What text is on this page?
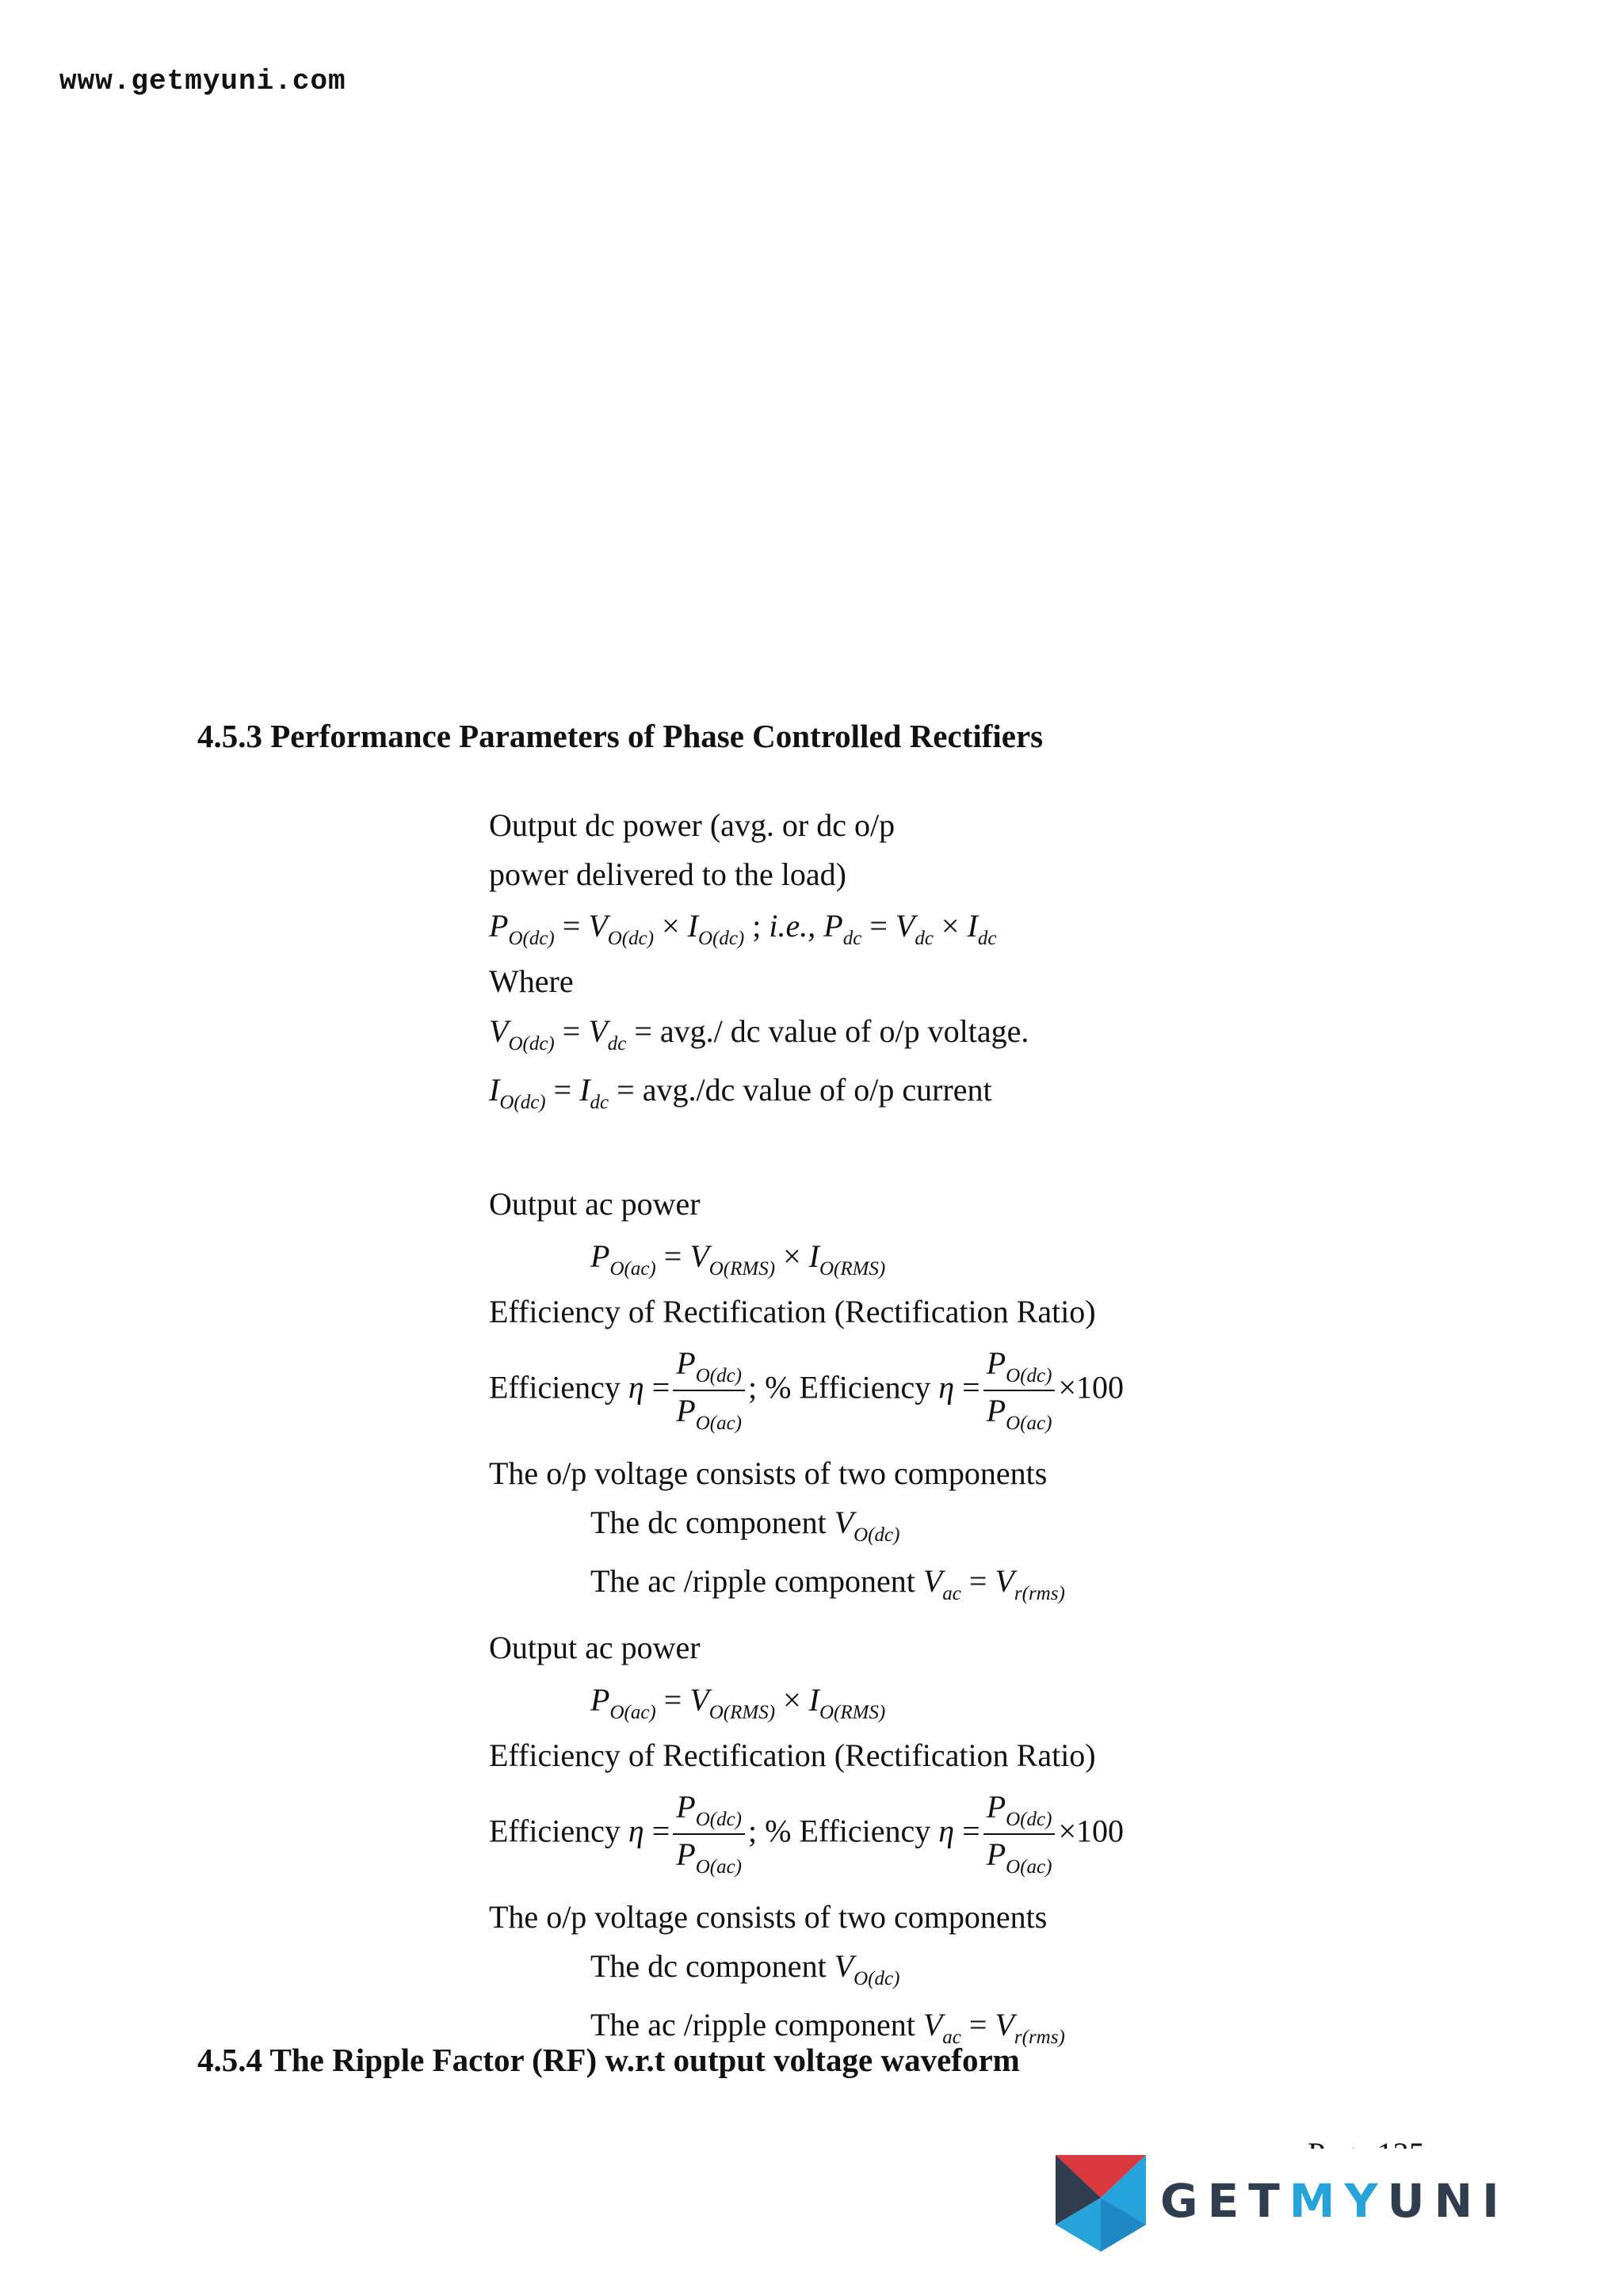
www.getmyuni.com
4.5.3 Performance Parameters of Phase Controlled Rectifiers
Output dc power (avg. or dc o/p
power delivered to the load)
$P_{O(dc)} = V_{O(dc)} \times I_{O(dc)}$ ; i.e., $P_{dc} = V_{dc} \times I_{dc}$
Where
$V_{O(dc)} = V_{dc} = avg./$ dc value of o/p voltage.
$I_{O(dc)} = I_{dc} = avg./dc$ value of o/p current
Output ac power
$P_{O(ac)} = V_{O(RMS)} \times I_{O(RMS)}$
Efficiency of Rectification (Rectification Ratio)
Efficiency $\eta = \frac{P_{O(dc)}}{P_{O(ac)}}$ ; % Efficiency $\eta = \frac{P_{O(dc)}}{P_{O(ac)}} \times 100$
The o/p voltage consists of two components
The dc component $V_{O(dc)}$
The ac /ripple component $V_{ac} = V_{r(rms)}$
Output ac power
$P_{O(ac)} = V_{O(RMS)} \times I_{O(RMS)}$
Efficiency of Rectification (Rectification Ratio)
Efficiency $\eta = \frac{P_{O(dc)}}{P_{O(ac)}}$ ; % Efficiency $\eta = \frac{P_{O(dc)}}{P_{O(ac)}} \times 100$
The o/p voltage consists of two components
The dc component $V_{O(dc)}$
The ac /ripple component $V_{ac} = V_{r(rms)}$
4.5.4 The Ripple Factor (RF) w.r.t output voltage waveform
GETMYUNI
